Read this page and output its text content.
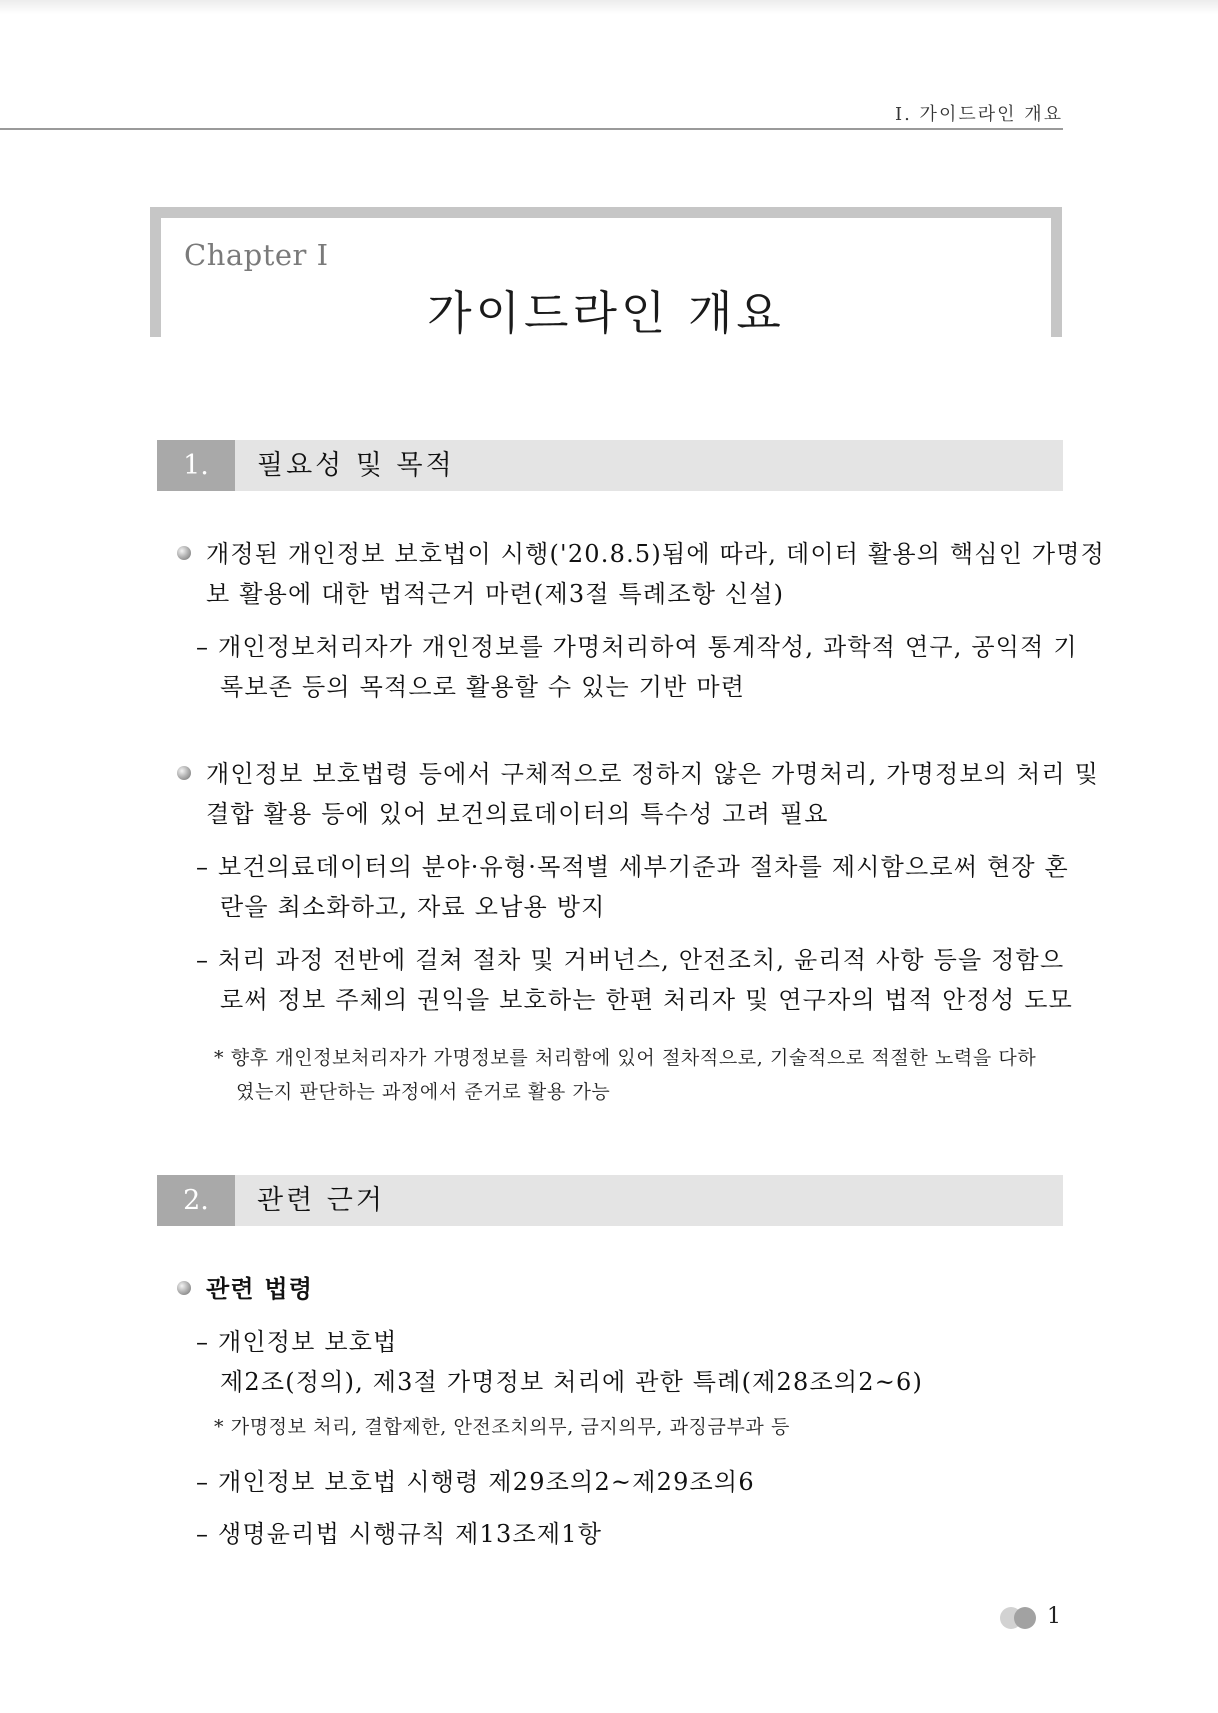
Ⅰ. 가이드라인 개요
Chapter Ⅰ
가이드라인 개요
1.	필요성 및 목적
개정된 개인정보 보호법이 시행('20.8.5)됨에 따라, 데이터 활용의 핵심인 가명정
보 활용에 대한 법적근거 마련(제3절 특례조항 신설)
– 개인정보처리자가 개인정보를 가명처리하여 통계작성, 과학적 연구, 공익적 기
록보존 등의 목적으로 활용할 수 있는 기반 마련
개인정보 보호법령 등에서 구체적으로 정하지 않은 가명처리, 가명정보의 처리 및
결합 활용 등에 있어 보건의료데이터의 특수성 고려 필요
– 보건의료데이터의 분야·유형·목적별 세부기준과 절차를 제시함으로써 현장 혼
란을 최소화하고, 자료 오남용 방지
– 처리 과정 전반에 걸쳐 절차 및 거버넌스, 안전조치, 윤리적 사항 등을 정함으
로써 정보 주체의 권익을 보호하는 한편 처리자 및 연구자의 법적 안정성 도모
* 향후 개인정보처리자가 가명정보를 처리함에 있어 절차적으로, 기술적으로 적절한 노력을 다하
였는지 판단하는 과정에서 준거로 활용 가능
2.	관련 근거
관련 법령
– 개인정보 보호법
제2조(정의), 제3절 가명정보 처리에 관한 특례(제28조의2~6)
* 가명정보 처리, 결합제한, 안전조치의무, 금지의무, 과징금부과 등
– 개인정보 보호법 시행령 제29조의2~제29조의6
– 생명윤리법 시행규칙 제13조제1항
1
